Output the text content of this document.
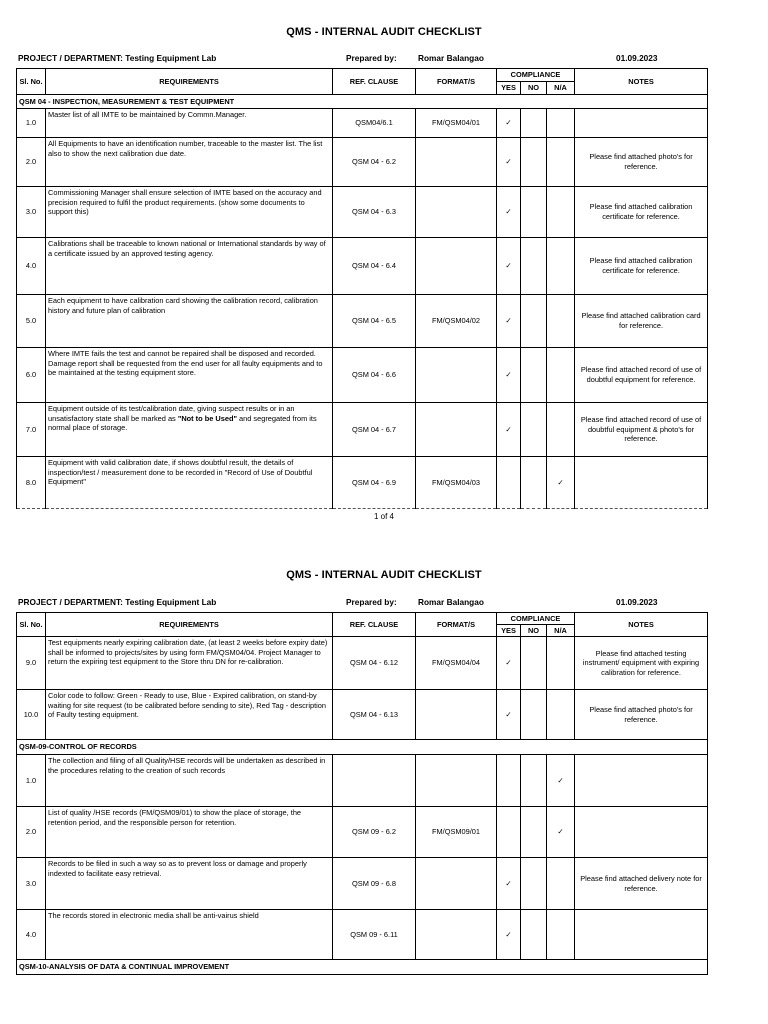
QMS - INTERNAL AUDIT CHECKLIST
PROJECT / DEPARTMENT: Testing Equipment Lab	Prepared by:	Romar Balangao	01.09.2023
Sl. No.	REQUIREMENTS	REF. CLAUSE	FORMAT/S	COMPLIANCE			NOTES
				YES	NO	N/A	
QSM 04 - INSPECTION, MEASUREMENT & TEST EQUIPMENT							
1.0	Master list of all IMTE to be maintained by Commn.Manager.	QSM04/6.1	FM/QSM04/01	✓			
2.0	All Equipments to have an identification number, traceable to the master list. The list also to show the next calibration due date.	QSM 04 - 6.2		✓			Please find attached photo's for reference.
3.0	Commissioning Manager shall ensure selection of IMTE based on the accuracy and precision required to fulfil the product requirements. (show some documents to support this)	QSM 04 - 6.3		✓			Please find attached calibration certificate for reference.
4.0	Calibrations shall be traceable to known national or International standards by way of a certificate issued by an approved testing agency.	QSM 04 - 6.4		✓			Please find attached calibration certificate for reference.
5.0	Each equipment to have calibration card showing the calibration record, calibration history and future plan of calibration	QSM 04 - 6.5	FM/QSM04/02	✓			Please find attached calibration card for reference.
6.0	Where IMTE fails the test and cannot be repaired shall be disposed and recorded. Damage report shall be requested from the end user for all faulty equipments and to be maintained at the testing equipment store.	QSM 04 - 6.6		✓			Please find attached record of use of doubtful equipment for reference.
7.0	Equipment outside of its test/calibration date, giving suspect results or in an unsatisfactory state shall be marked as "Not to be Used" and segregated from its normal place of storage.	QSM 04 - 6.7		✓			Please find attached record of use of doubtful equipment & photo's for reference.
8.0	Equipment with valid calibration date, if shows doubtful result, the details of inspection/test / measurement done to be recorded in "Record of Use of Doubtful Equipment"	QSM 04 - 6.9	FM/QSM04/03			✓	
1 of 4
QMS - INTERNAL AUDIT CHECKLIST
PROJECT / DEPARTMENT: Testing Equipment Lab	Prepared by:	Romar Balangao	01.09.2023
Sl. No.	REQUIREMENTS	REF. CLAUSE	FORMAT/S	COMPLIANCE			NOTES
				YES	NO	N/A	
9.0	Test equipments nearly expiring calibration date, (at least 2 weeks before expiry date) shall be informed to projects/sites by using form FM/QSM04/04. Project Manager to return the expiring test equipment to the Store thru DN for re-calibration.	QSM 04 - 6.12	FM/QSM04/04	✓			Please find attached testing instrument/ equipment with expiring calibration for reference.
10.0	Color code to follow: Green - Ready to use, Blue - Expired calibration, on stand-by waiting for site request (to be calibrated before sending to site), Red Tag - description of Faulty testing equipment.	QSM 04 - 6.13		✓			Please find attached photo's for reference.
QSM-09-CONTROL OF RECORDS							
1.0	The collection and filing of all Quality/HSE records will be undertaken as described in the procedures relating to the creation of such records					✓	
2.0	List of quality /HSE records (FM/QSM09/01) to show the place of storage, the retention period, and the responsible person for retention.	QSM 09 - 6.2	FM/QSM09/01			✓	
3.0	Records to be filed in such a way so as to prevent loss or damage and properly indexted to facilitate easy retrieval.	QSM 09 - 6.8		✓			Please find attached delivery note for reference.
4.0	The records stored in electronic media shall be anti-vairus shield	QSM 09 - 6.11		✓			
QSM-10-ANALYSIS OF DATA & CONTINUAL IMPROVEMENT							
